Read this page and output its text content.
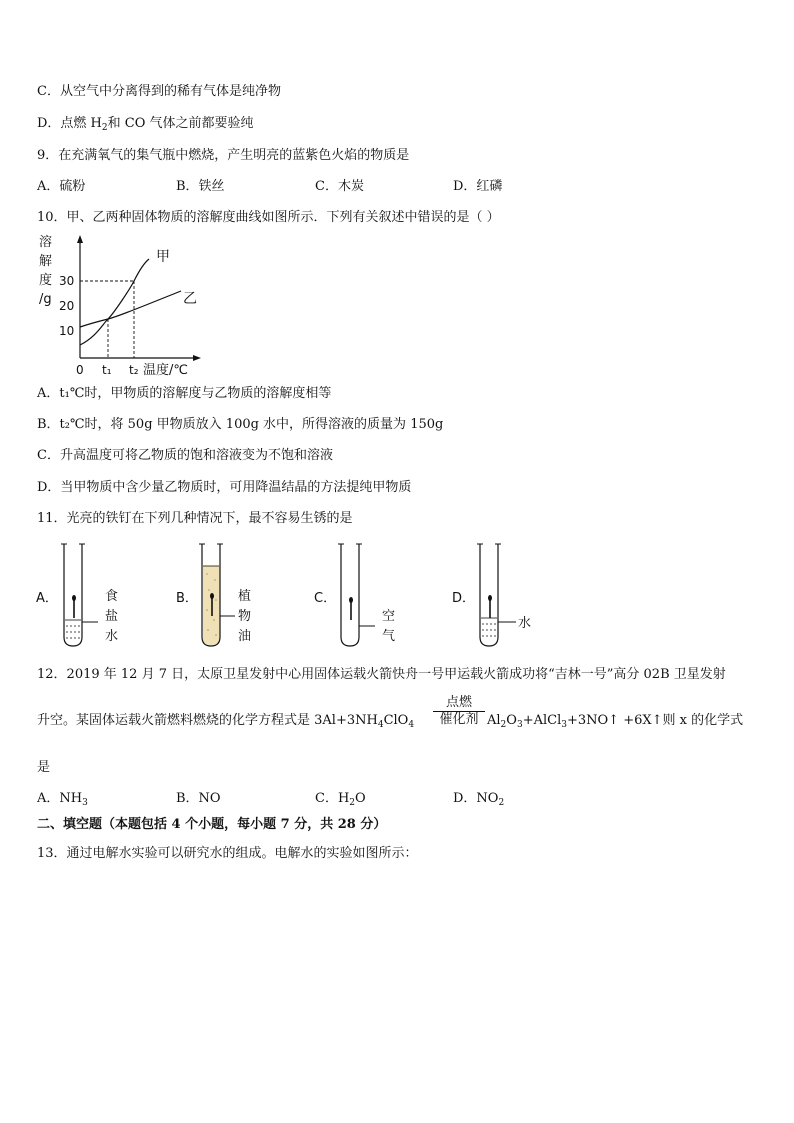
C．从空气中分离得到的稀有气体是纯净物
D．点燃 $H_2$和 CO 气体之前都要验纯
9．在充满氧气的集气瓶中燃烧，产生明亮的蓝紫色火焰的物质是
A．硫粉	B．铁丝	C．木炭	D．红磷
10．甲、乙两种固体物质的溶解度曲线如图所示．下列有关叙述中错误的是（ ）
溶
解
度
/g
10
20
30
0 t₁ t₂ 温度/℃
甲
乙
A．t₁℃时，甲物质的溶解度与乙物质的溶解度相等
B．t₂℃时，将 50g 甲物质放入 100g 水中，所得溶液的质量为 150g
C．升高温度可将乙物质的饱和溶液变为不饱和溶液
D．当甲物质中含少量乙物质时，可用降温结晶的方法提纯甲物质
11．光亮的铁钉在下列几种情况下，最不容易生锈的是
A．	食
盐
水
B．	植
物
油
C．
空
气
D．
水
12．2019 年 12 月 7 日，太原卫星发射中心用固体运载火箭快舟一号甲运载火箭成功将“吉林一号”高分 02B 卫星发射
升空。某固体运载火箭燃料燃烧的化学方程式是 $3Al+3NH_4ClO_4$
点燃
催化剂 $Al_2O_3+AlCl_3+3NO↑$ +6X↑则 x 的化学式
是
A．$NH_3$	B．NO	C．$H_2O$	D．$NO_2$
二、填空题（本题包括 4 个小题，每小题 7 分，共 28 分）
13．通过电解水实验可以研究水的组成。电解水的实验如图所示：
